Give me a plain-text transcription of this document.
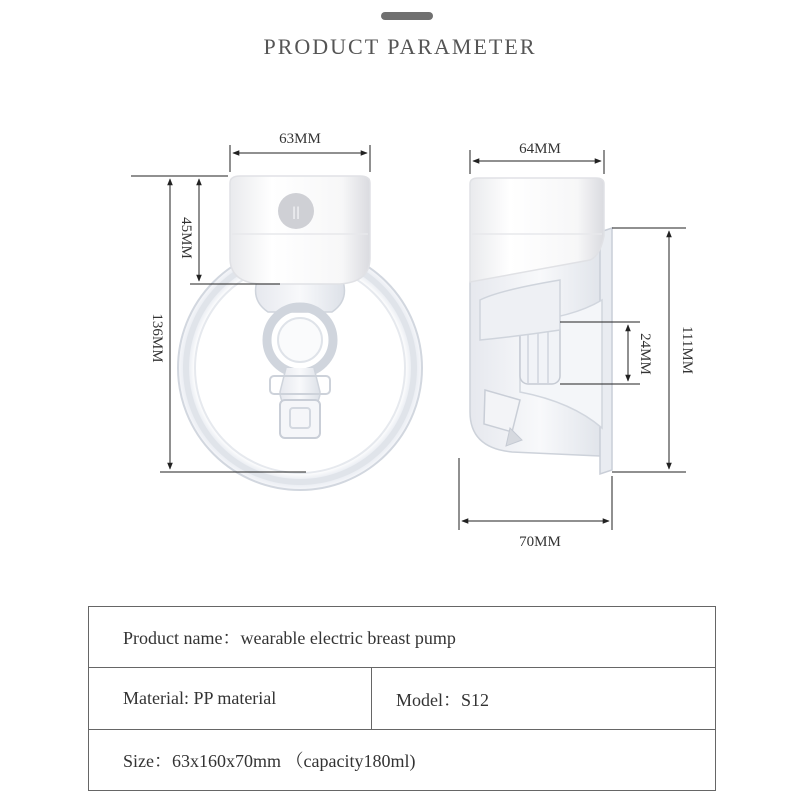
PRODUCT PARAMETER
||
63MM
45MM
136MM
64MM
70MM
111MM
24MM
Product name：wearable electric breast pump
Material: PP material	Model：S12
Size：63x160x70mm （capacity180ml)
